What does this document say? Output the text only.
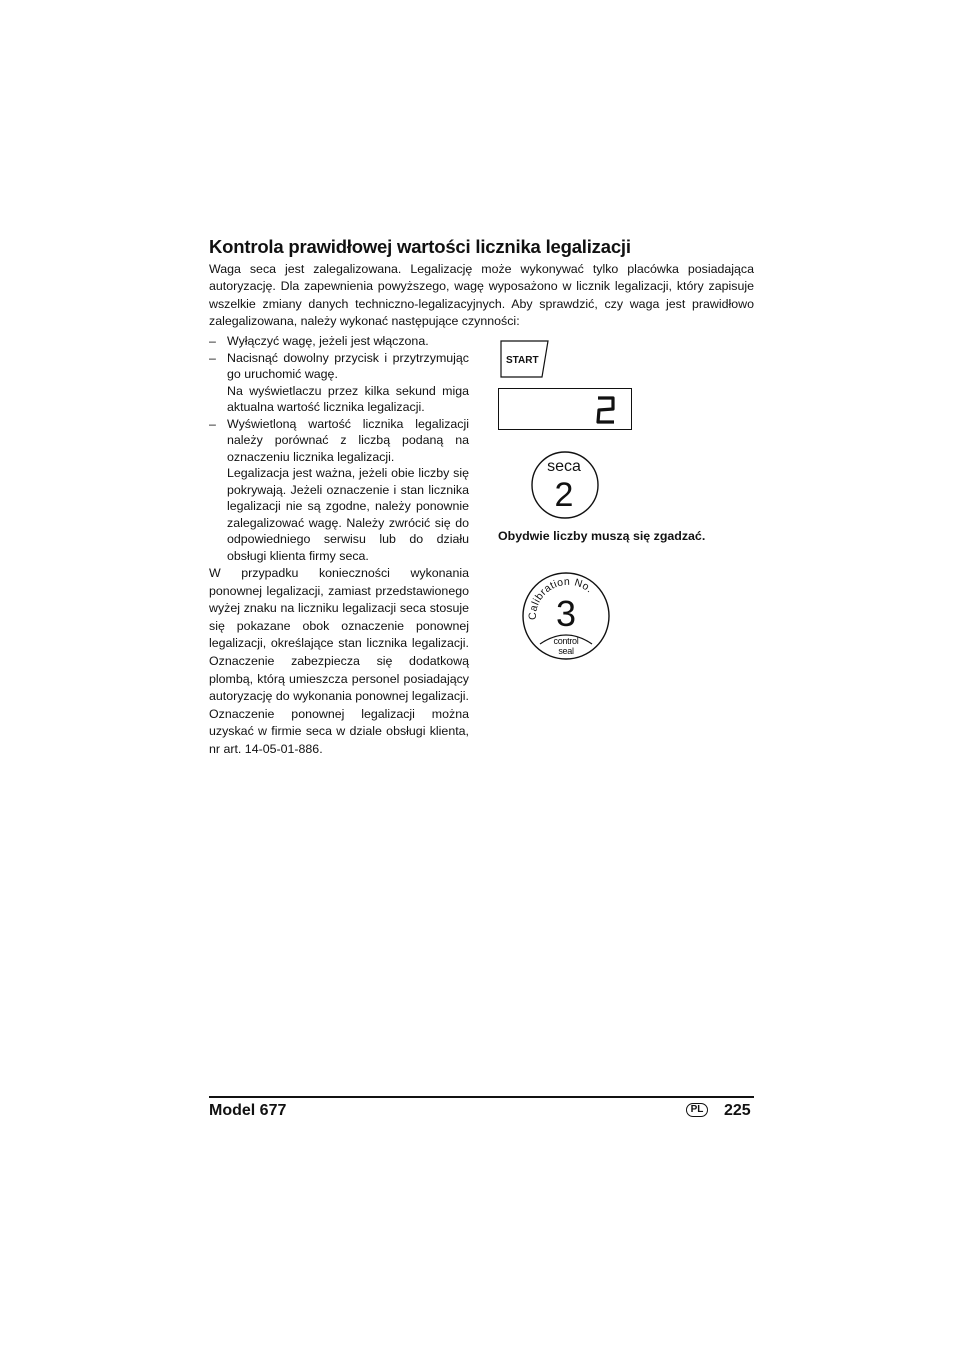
Kontrola prawidłowej wartości licznika legalizacji

Waga seca jest zalegalizowana. Legalizację może wykonywać tylko placówka posiadająca autoryzację. Dla zapewnienia powyższego, wagę wyposażono w licznik legalizacji, który zapisuje wszelkie zmiany danych techniczno-legalizacyjnych. Aby sprawdzić, czy waga jest prawidłowo zalegalizowana, należy wykonać następujące czynności:

– Wyłączyć wagę, jeżeli jest włączona.

– Nacisnąć dowolny przycisk i przytrzymując go uruchomić wagę.

Na wyświetlaczu przez kilka sekund miga aktualna wartość licznika legalizacji.

– Wyświetloną wartość licznika legalizacji należy porównać z liczbą podaną na oznaczeniu licznika legalizacji.

Legalizacja jest ważna, jeżeli obie liczby się pokrywają. Jeżeli oznaczenie i stan licznika legalizacji nie są zgodne, należy ponownie zalegalizować wagę. Należy zwrócić się do odpowiedniego serwisu lub do działu obsługi klienta firmy seca.

W przypadku konieczności wykonania ponownej legalizacji, zamiast przedstawionego wyżej znaku na liczniku legalizacji seca stosuje się pokazane obok oznaczenie ponownej legalizacji, określające stan licznika legalizacji. Oznaczenie zabezpiecza się dodatkową plombą, którą umieszcza personel posiadający autoryzację do wykonania ponownej legalizacji. Oznaczenie ponownej legalizacji można uzyskać w firmie seca w dziale obsługi klienta, nr art. 14-05-01-886.

START
seca
2

Obydwie liczby muszą się zgadzać.

Calibration No.
3
control
seal

Model 677	PL 225
